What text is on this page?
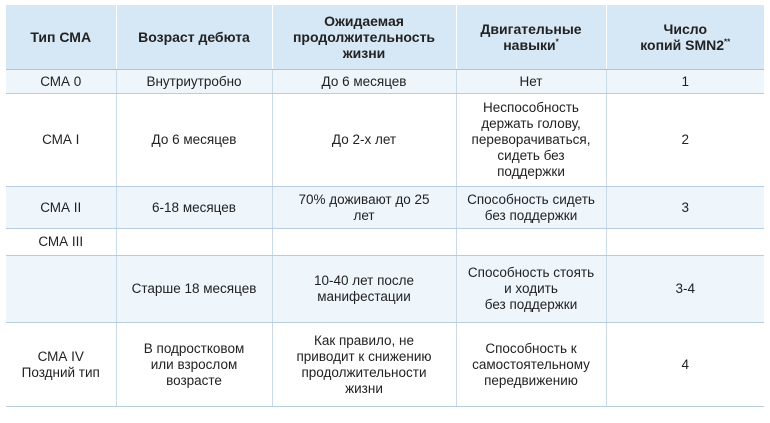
Тип СМА	Возраст дебюта	Ожидаемая
продолжительность
жизни	Двигательные
навыки*	Число
копий SMN2**

СМА 0	Внутриутробно	До 6 месяцев	Нет	1

СМА I	До 6 месяцев	До 2-х лет	Неспособность
держать голову,
переворачиваться,
сидеть без
поддержки	2

СМА II	6-18 месяцев	70% доживают до 25
лет	Способность сидеть
без поддержки	3

СМА III				

	Старше 18 месяцев	10-40 лет после
манифестации	Способность стоять
и ходить
без поддержки	3-4

СМА IV
Поздний тип	В подростковом
или взрослом
возрасте	Как правило, не
приводит к снижению
продолжительности
жизни	Способность к
самостоятельному
передвижению	4
